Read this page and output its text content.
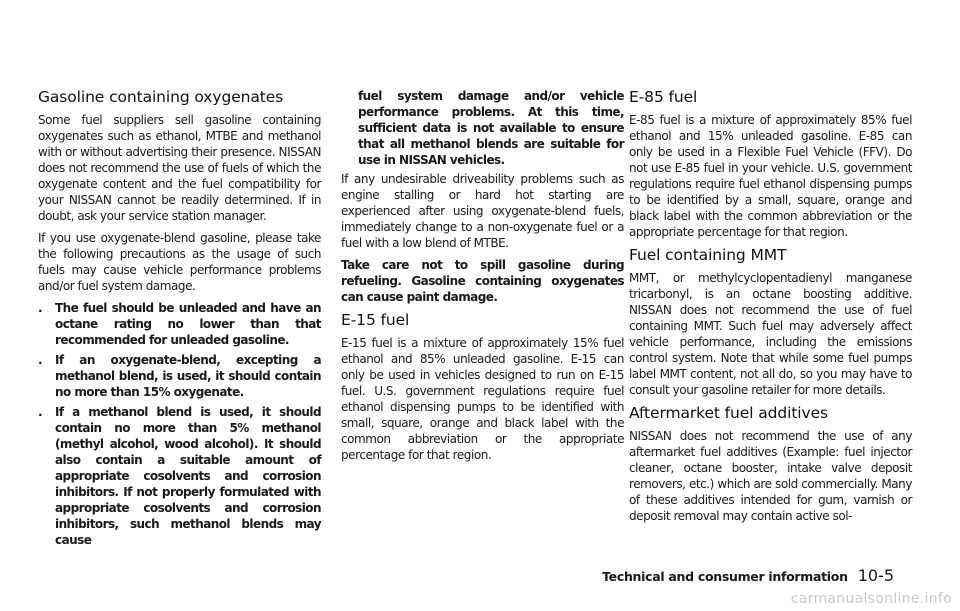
Gasoline containing oxygenates

Some fuel suppliers sell gasoline containing oxygenates such as ethanol, MTBE and methanol with or without advertising their presence. NISSAN does not recommend the use of fuels of which the oxygenate content and the fuel compatibility for your NISSAN cannot be readily determined. If in doubt, ask your service station manager.

If you use oxygenate-blend gasoline, please take the following precautions as the usage of such fuels may cause vehicle performance problems and/or fuel system damage.

. The fuel should be unleaded and have an octane rating no lower than that recommended for unleaded gasoline.
. If an oxygenate-blend, excepting a methanol blend, is used, it should contain no more than 15% oxygenate.
. If a methanol blend is used, it should contain no more than 5% methanol (methyl alcohol, wood alcohol). It should also contain a suitable amount of appropriate cosolvents and corrosion inhibitors. If not properly formulated with appropriate cosolvents and corrosion inhibitors, such methanol blends may cause

fuel system damage and/or vehicle performance problems. At this time, sufficient data is not available to ensure that all methanol blends are suitable for use in NISSAN vehicles.

If any undesirable driveability problems such as engine stalling or hard hot starting are experienced after using oxygenate-blend fuels, immediately change to a non-oxygenate fuel or a fuel with a low blend of MTBE.

Take care not to spill gasoline during refueling. Gasoline containing oxygenates can cause paint damage.

E-15 fuel

E-15 fuel is a mixture of approximately 15% fuel ethanol and 85% unleaded gasoline. E-15 can only be used in vehicles designed to run on E-15 fuel. U.S. government regulations require fuel ethanol dispensing pumps to be identified with small, square, orange and black label with the common abbreviation or the appropriate percentage for that region.

E-85 fuel

E-85 fuel is a mixture of approximately 85% fuel ethanol and 15% unleaded gasoline. E-85 can only be used in a Flexible Fuel Vehicle (FFV). Do not use E-85 fuel in your vehicle. U.S. government regulations require fuel ethanol dispensing pumps to be identified by a small, square, orange and black label with the common abbreviation or the appropriate percentage for that region.

Fuel containing MMT

MMT, or methylcyclopentadienyl manganese tricarbonyl, is an octane boosting additive. NISSAN does not recommend the use of fuel containing MMT. Such fuel may adversely affect vehicle performance, including the emissions control system. Note that while some fuel pumps label MMT content, not all do, so you may have to consult your gasoline retailer for more details.

Aftermarket fuel additives

NISSAN does not recommend the use of any aftermarket fuel additives (Example: fuel injector cleaner, octane booster, intake valve deposit removers, etc.) which are sold commercially. Many of these additives intended for gum, varnish or deposit removal may contain active sol-

Technical and consumer information 10-5
carmanualsonline.info
